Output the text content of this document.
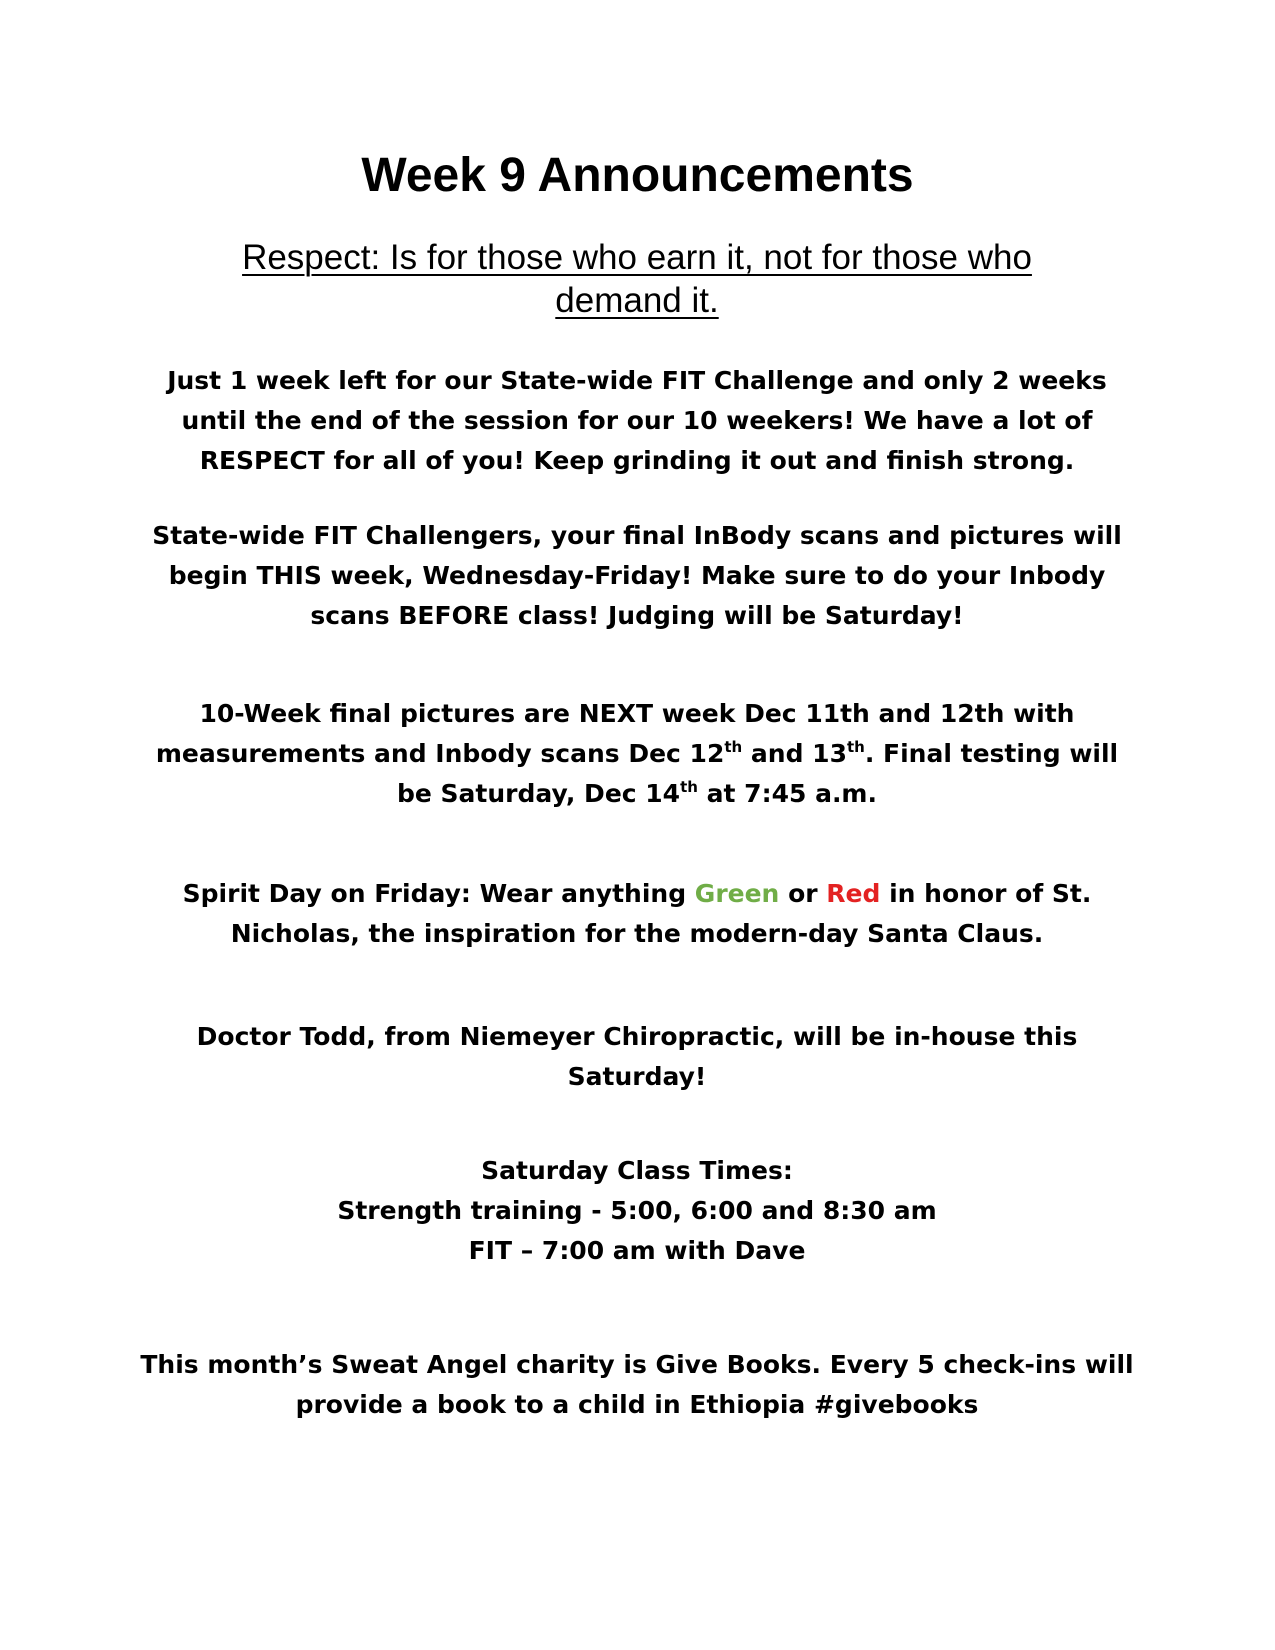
Week 9 Announcements

Respect: Is for those who earn it, not for those who demand it.

Just 1 week left for our State-wide FIT Challenge and only 2 weeks until the end of the session for our 10 weekers! We have a lot of RESPECT for all of you! Keep grinding it out and finish strong.

State-wide FIT Challengers, your final InBody scans and pictures will begin THIS week, Wednesday-Friday! Make sure to do your Inbody scans BEFORE class! Judging will be Saturday!

10-Week final pictures are NEXT week Dec 11th and 12th with measurements and Inbody scans Dec 12th and 13th. Final testing will be Saturday, Dec 14th at 7:45 a.m.

Spirit Day on Friday: Wear anything Green or Red in honor of St. Nicholas, the inspiration for the modern-day Santa Claus.

Doctor Todd, from Niemeyer Chiropractic, will be in-house this Saturday!

Saturday Class Times:
Strength training - 5:00, 6:00 and 8:30 am
FIT – 7:00 am with Dave

This month’s Sweat Angel charity is Give Books. Every 5 check-ins will provide a book to a child in Ethiopia #givebooks
